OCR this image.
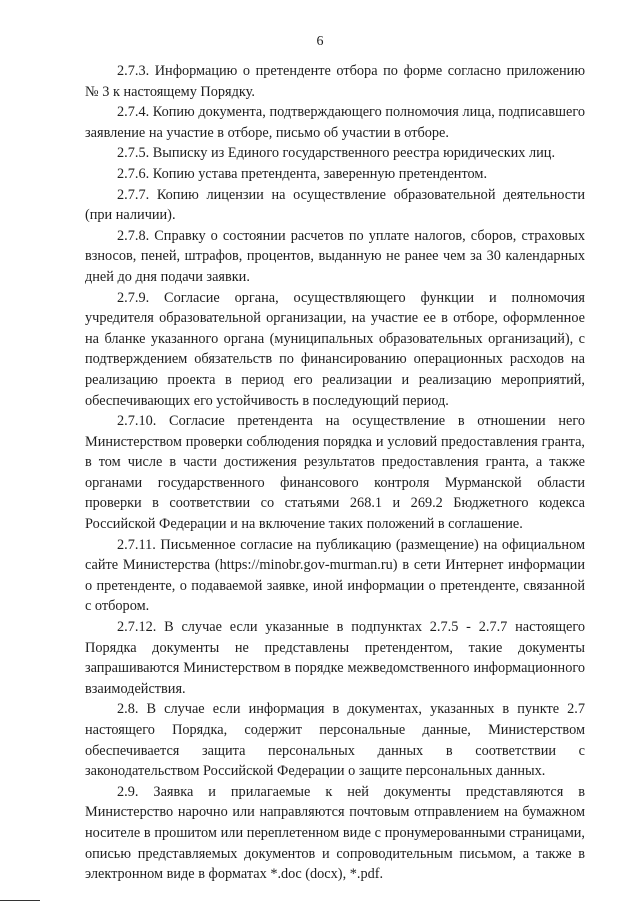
6

2.7.3. Информацию о претенденте отбора по форме согласно приложению № 3 к настоящему Порядку.

2.7.4. Копию документа, подтверждающего полномочия лица, подписавшего заявление на участие в отборе, письмо об участии в отборе.

2.7.5. Выписку из Единого государственного реестра юридических лиц.

2.7.6. Копию устава претендента, заверенную претендентом.

2.7.7. Копию лицензии на осуществление образовательной деятельности (при наличии).

2.7.8. Справку о состоянии расчетов по уплате налогов, сборов, страховых взносов, пеней, штрафов, процентов, выданную не ранее чем за 30 календарных дней до дня подачи заявки.

2.7.9. Согласие органа, осуществляющего функции и полномочия учредителя образовательной организации, на участие ее в отборе, оформленное на бланке указанного органа (муниципальных образовательных организаций), с подтверждением обязательств по финансированию операционных расходов на реализацию проекта в период его реализации и реализацию мероприятий, обеспечивающих его устойчивость в последующий период.

2.7.10. Согласие претендента на осуществление в отношении него Министерством проверки соблюдения порядка и условий предоставления гранта, в том числе в части достижения результатов предоставления гранта, а также органами государственного финансового контроля Мурманской области проверки в соответствии со статьями 268.1 и 269.2 Бюджетного кодекса Российской Федерации и на включение таких положений в соглашение.

2.7.11. Письменное согласие на публикацию (размещение) на официальном сайте Министерства (https://minobr.gov-murman.ru) в сети Интернет информации о претенденте, о подаваемой заявке, иной информации о претенденте, связанной с отбором.

2.7.12. В случае если указанные в подпунктах 2.7.5 - 2.7.7 настоящего Порядка документы не представлены претендентом, такие документы запрашиваются Министерством в порядке межведомственного информационного взаимодействия.

2.8. В случае если информация в документах, указанных в пункте 2.7 настоящего Порядка, содержит персональные данные, Министерством обеспечивается защита персональных данных в соответствии с законодательством Российской Федерации о защите персональных данных.

2.9. Заявка и прилагаемые к ней документы представляются в Министерство нарочно или направляются почтовым отправлением на бумажном носителе в прошитом или переплетенном виде с пронумерованными страницами, описью представляемых документов и сопроводительным письмом, а также в электронном виде в форматах *.doc (docx), *.pdf.
